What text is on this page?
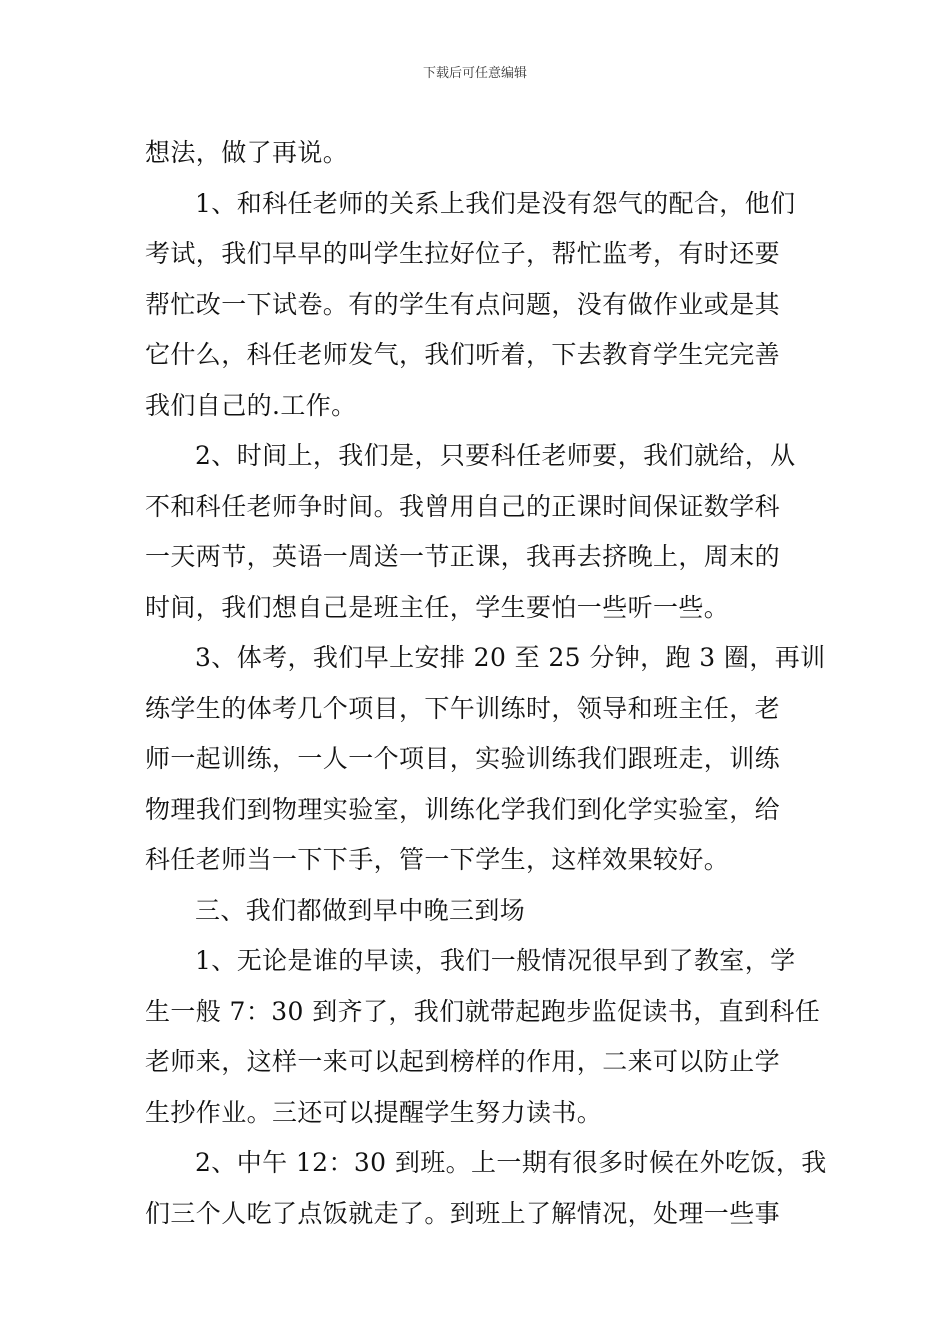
下载后可任意编辑

想法，做了再说。

1、和科任老师的关系上我们是没有怨气的配合，他们
考试，我们早早的叫学生拉好位子，帮忙监考，有时还要
帮忙改一下试卷。有的学生有点问题，没有做作业或是其
它什么，科任老师发气，我们听着，下去教育学生完完善
我们自己的.工作。

2、时间上，我们是，只要科任老师要，我们就给，从
不和科任老师争时间。我曾用自己的正课时间保证数学科
一天两节，英语一周送一节正课，我再去挤晚上，周末的
时间，我们想自己是班主任，学生要怕一些听一些。

3、体考，我们早上安排 20 至 25 分钟，跑 3 圈，再训
练学生的体考几个项目，下午训练时，领导和班主任，老
师一起训练，一人一个项目，实验训练我们跟班走，训练
物理我们到物理实验室，训练化学我们到化学实验室，给
科任老师当一下下手，管一下学生，这样效果较好。

三、我们都做到早中晚三到场

1、无论是谁的早读，我们一般情况很早到了教室，学
生一般 7：30 到齐了，我们就带起跑步监促读书，直到科任
老师来，这样一来可以起到榜样的作用，二来可以防止学
生抄作业。三还可以提醒学生努力读书。

2、中午 12：30 到班。上一期有很多时候在外吃饭，我
们三个人吃了点饭就走了。到班上了解情况，处理一些事
